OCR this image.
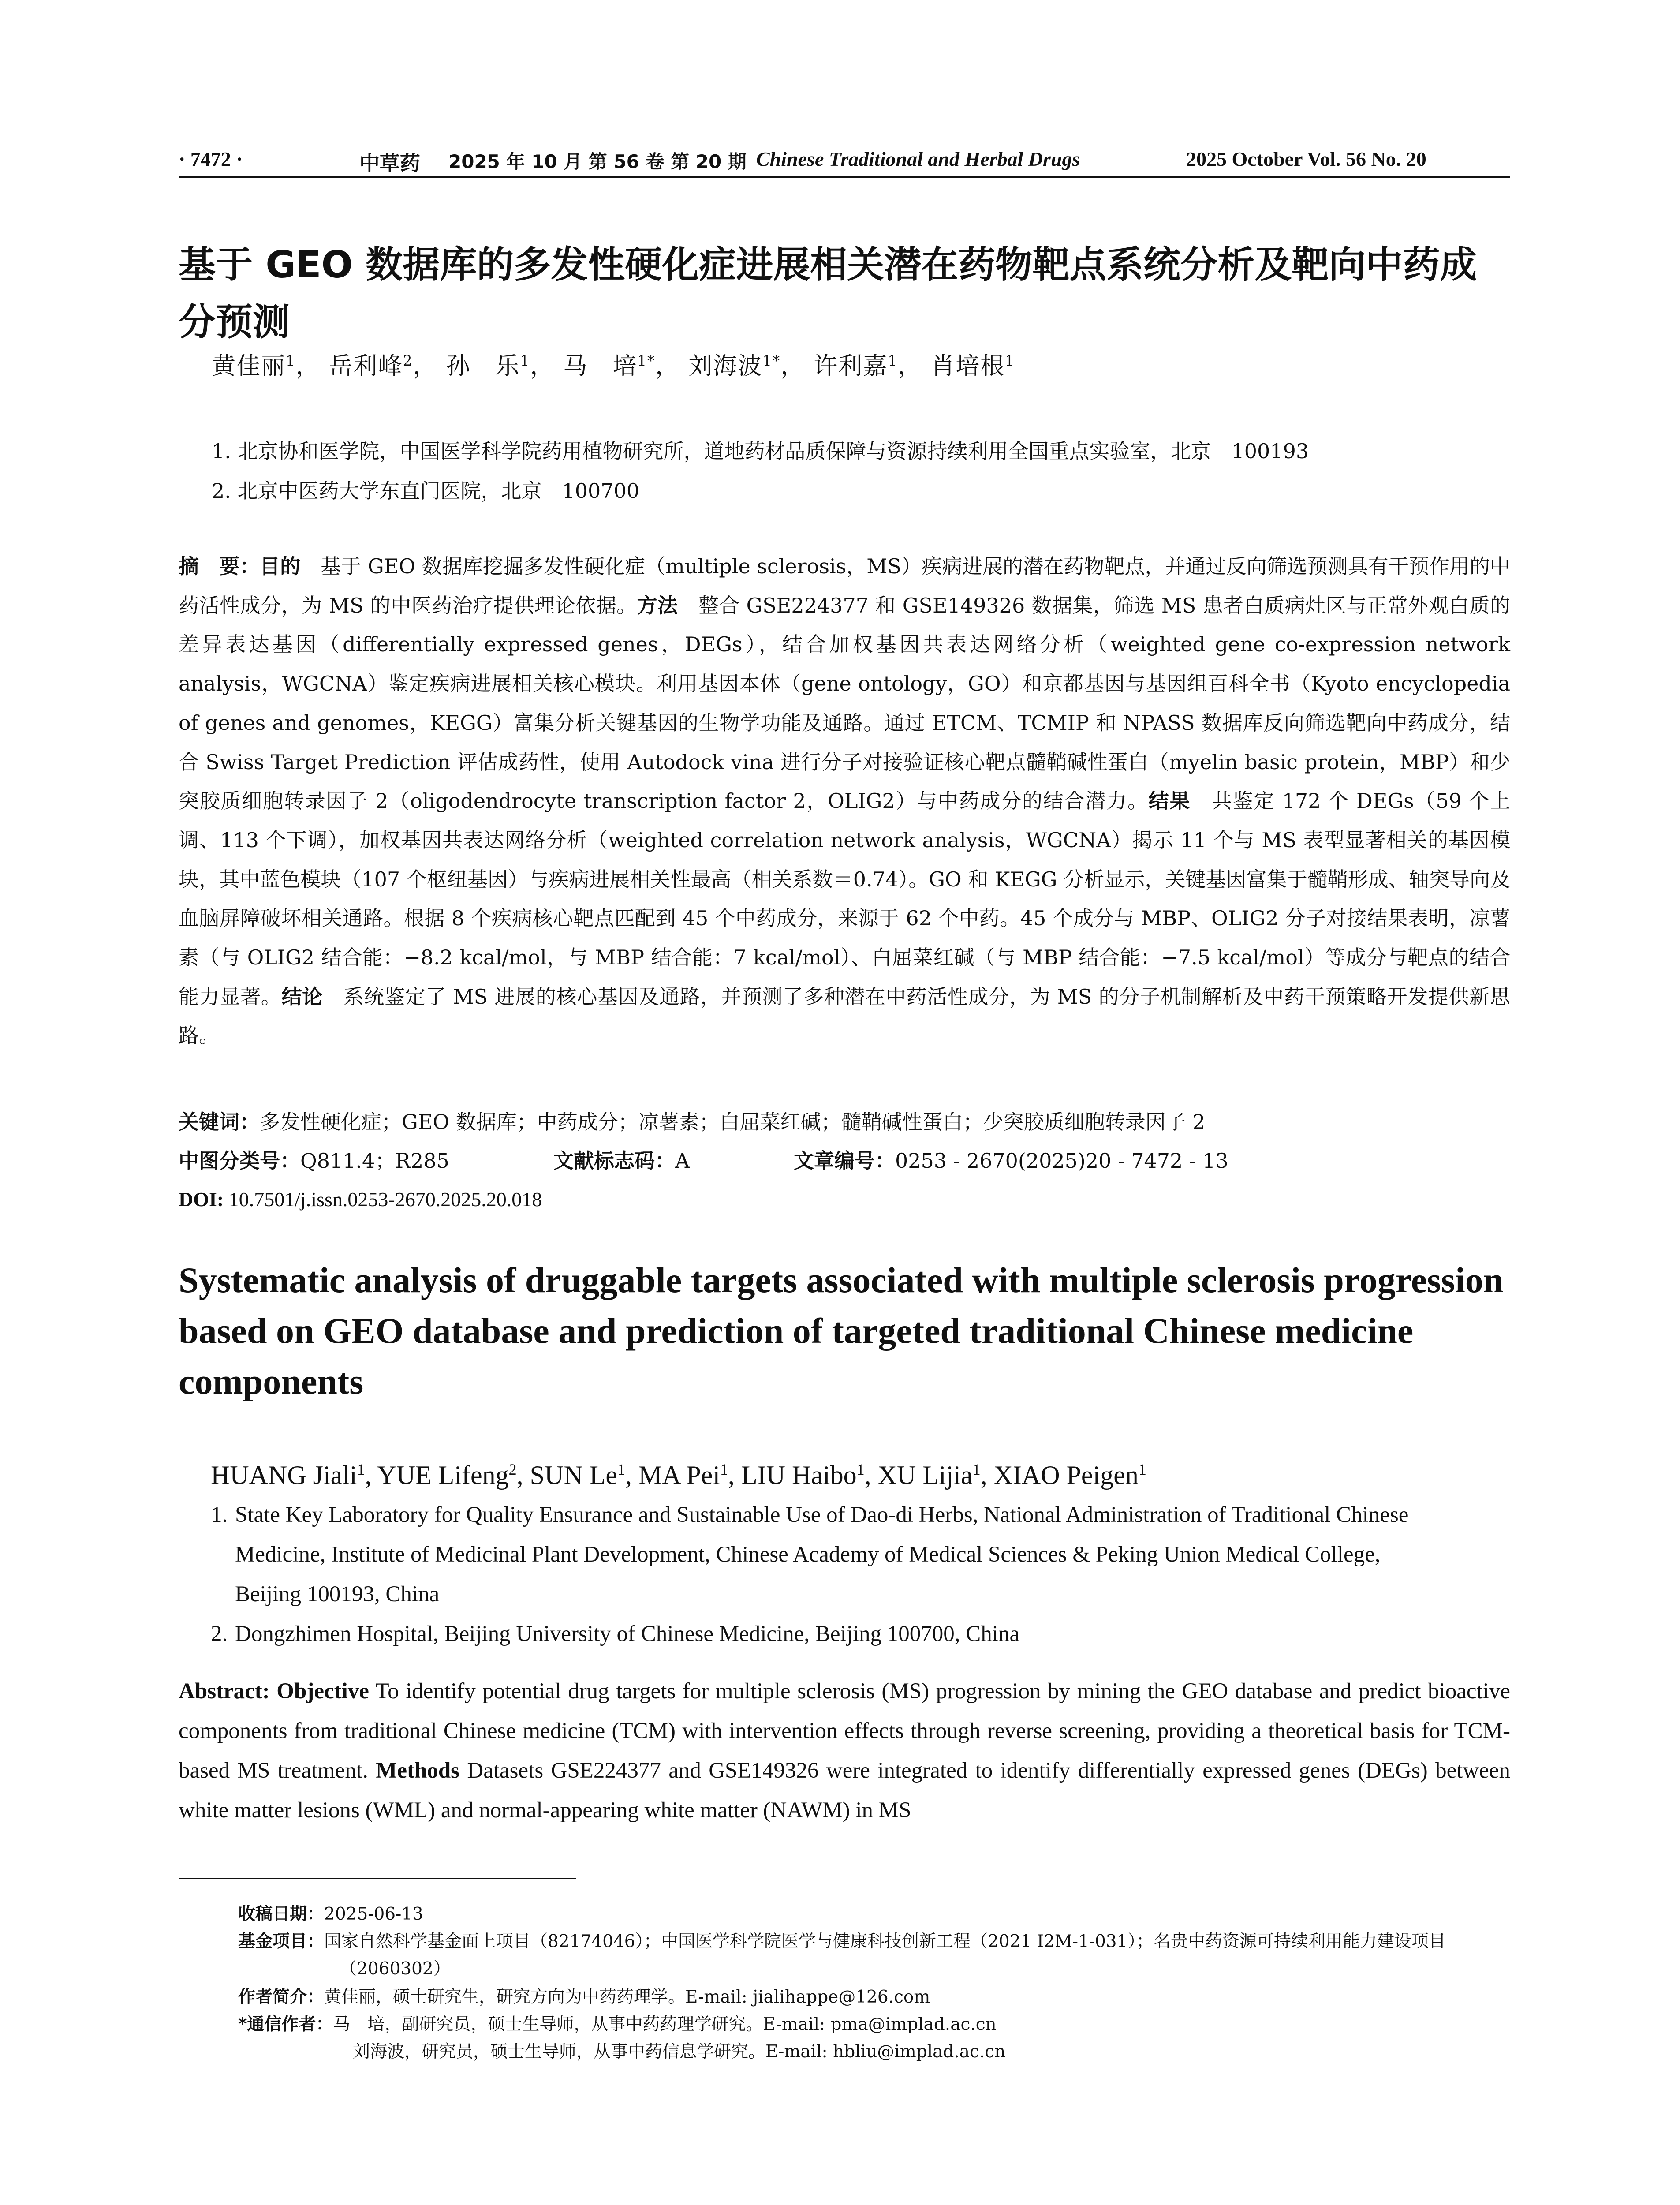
· 7472 ·	中草药 2025 年 10 月 第 56 卷 第 20 期 Chinese Traditional and Herbal Drugs	2025 October Vol. 56 No. 20
基于 GEO 数据库的多发性硬化症进展相关潜在药物靶点系统分析及靶向中药成分预测
黄佳丽$^1$， 岳利峰$^2$， 孙　乐$^1$， 马　培$^{1*}$， 刘海波$^{1*}$， 许利嘉$^1$， 肖培根$^1$
1. 北京协和医学院，中国医学科学院药用植物研究所，道地药材品质保障与资源持续利用全国重点实验室，北京　100193
2. 北京中医药大学东直门医院，北京　100700
摘　要：目的　基于 GEO 数据库挖掘多发性硬化症（multiple sclerosis，MS）疾病进展的潜在药物靶点，并通过反向筛选预测具有干预作用的中药活性成分，为 MS 的中医药治疗提供理论依据。方法　整合 GSE224377 和 GSE149326 数据集，筛选 MS 患者白质病灶区与正常外观白质的差异表达基因（differentially expressed genes，DEGs），结合加权基因共表达网络分析（weighted gene co-expression network analysis，WGCNA）鉴定疾病进展相关核心模块。利用基因本体（gene ontology，GO）和京都基因与基因组百科全书（Kyoto encyclopedia of genes and genomes，KEGG）富集分析关键基因的生物学功能及通路。通过 ETCM、TCMIP 和 NPASS 数据库反向筛选靶向中药成分，结合 Swiss Target Prediction 评估成药性，使用 Autodock vina 进行分子对接验证核心靶点髓鞘碱性蛋白（myelin basic protein，MBP）和少突胶质细胞转录因子 2（oligodendrocyte transcription factor 2，OLIG2）与中药成分的结合潜力。结果　共鉴定 172 个 DEGs（59 个上调、113 个下调），加权基因共表达网络分析（weighted correlation network analysis，WGCNA）揭示 11 个与 MS 表型显著相关的基因模块，其中蓝色模块（107 个枢纽基因）与疾病进展相关性最高（相关系数＝0.74）。GO 和 KEGG 分析显示，关键基因富集于髓鞘形成、轴突导向及血脑屏障破坏相关通路。根据 8 个疾病核心靶点匹配到 45 个中药成分，来源于 62 个中药。45 个成分与 MBP、OLIG2 分子对接结果表明，凉薯素（与 OLIG2 结合能：−8.2 kcal/mol，与 MBP 结合能：7 kcal/mol）、白屈菜红碱（与 MBP 结合能：−7.5 kcal/mol）等成分与靶点的结合能力显著。结论　系统鉴定了 MS 进展的核心基因及通路，并预测了多种潜在中药活性成分，为 MS 的分子机制解析及中药干预策略开发提供新思路。
关键词：多发性硬化症；GEO 数据库；中药成分；凉薯素；白屈菜红碱；髓鞘碱性蛋白；少突胶质细胞转录因子 2
中图分类号：Q811.4；R285	文献标志码：A	文章编号：0253 - 2670(2025)20 - 7472 - 13
DOI: 10.7501/j.issn.0253-2670.2025.20.018
Systematic analysis of druggable targets associated with multiple sclerosis progression based on GEO database and prediction of targeted traditional Chinese medicine components
HUANG Jiali$^1$, YUE Lifeng$^2$, SUN Le$^1$, MA Pei$^1$, LIU Haibo$^1$, XU Lijia$^1$, XIAO Peigen$^1$
1. State Key Laboratory for Quality Ensurance and Sustainable Use of Dao-di Herbs, National Administration of Traditional Chinese
Medicine, Institute of Medicinal Plant Development, Chinese Academy of Medical Sciences & Peking Union Medical College,
Beijing 100193, China
2. Dongzhimen Hospital, Beijing University of Chinese Medicine, Beijing 100700, China
Abstract: Objective To identify potential drug targets for multiple sclerosis (MS) progression by mining the GEO database and predict bioactive components from traditional Chinese medicine (TCM) with intervention effects through reverse screening, providing a theoretical basis for TCM-based MS treatment. Methods Datasets GSE224377 and GSE149326 were integrated to identify differentially expressed genes (DEGs) between white matter lesions (WML) and normal-appearing white matter (NAWM) in MS
收稿日期：2025-06-13
基金项目：国家自然科学基金面上项目（82174046）；中国医学科学院医学与健康科技创新工程（2021 I2M-1-031）；名贵中药资源可持续利用能力建设项目（2060302）
作者简介：黄佳丽，硕士研究生，研究方向为中药药理学。E-mail: jialihappe@126.com
*通信作者：马　培，副研究员，硕士生导师，从事中药药理学研究。E-mail: pma@implad.ac.cn
刘海波，研究员，硕士生导师，从事中药信息学研究。E-mail: hbliu@implad.ac.cn
